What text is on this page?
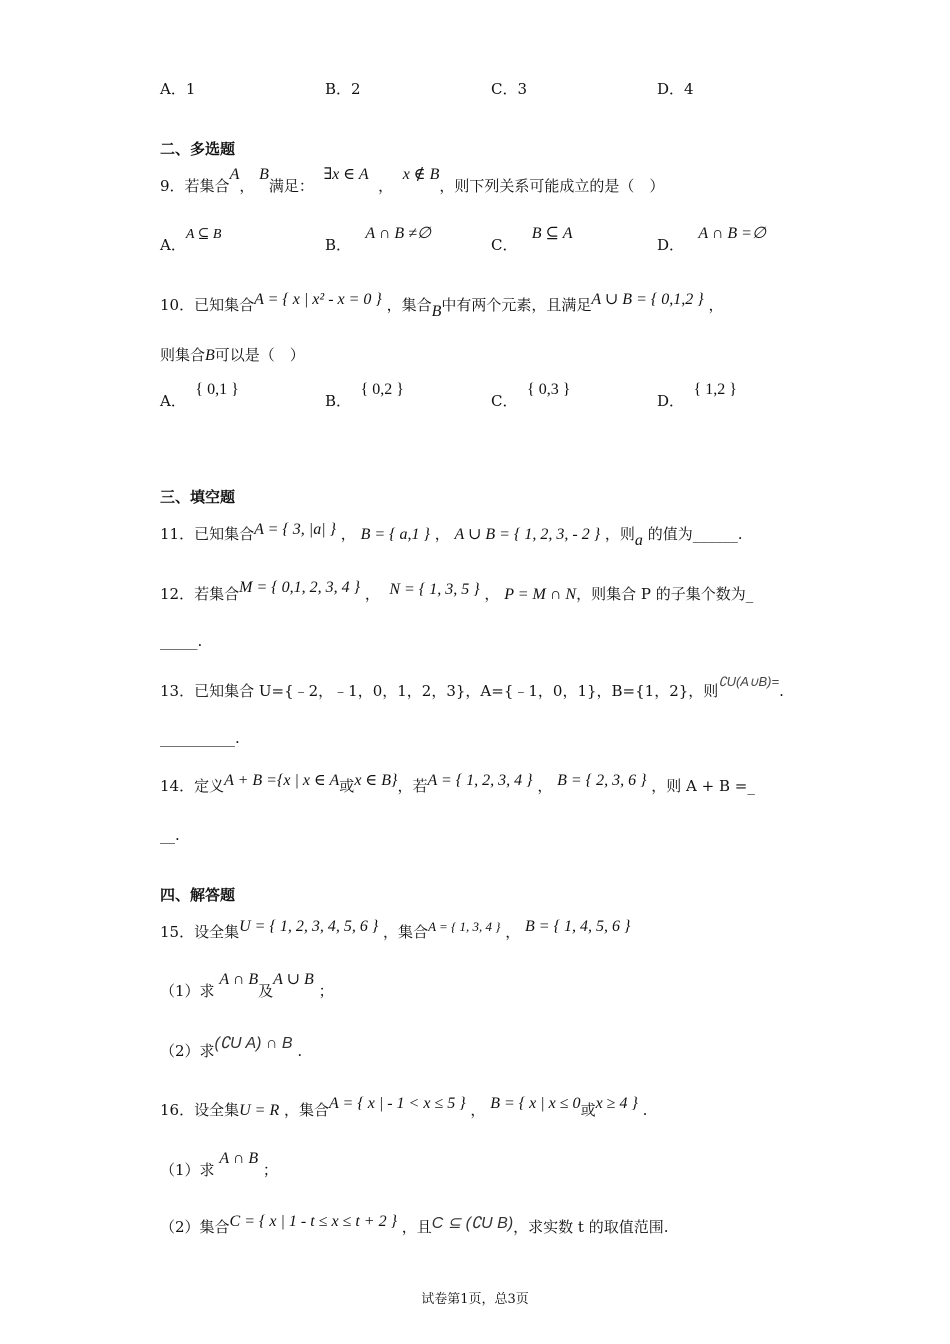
A．1	B．2	C．3	D．4
二、多选题
9．若集合A， B满足：  ∃x ∈ A  ，  x ∉ B，则下列关系可能成立的是（　）
A．A ⊆ B
B．   A ∩ B ≠∅
C．   B ⊆ A
D．   A ∩ B =∅
10．已知集合A = { x | x² - x = 0 } ，集合B中有两个元素，且满足A ∪ B = { 0,1,2 } ，
则集合B可以是（　）
A．  { 0,1 }
B．  { 0,2 }
C．  { 0,3 }
D．  { 1,2 }
三、填空题
11．已知集合A = { 3, |a| } ， B = { a,1 } ， A ∪ B = { 1, 2, 3, - 2 } ，则a 的值为______.
12．若集合M = { 0,1, 2, 3, 4 } ， N = { 1, 3, 5 } ， P = M ∩ N，则集合 P 的子集个数为_
_____.
13．已知集合 U={﹣2，﹣1，0，1，2，3}，A={﹣1，0，1}，B={1，2}，则∁U(A∪B)=.
__________.
14．定义A + B ={x | x ∈ A或x ∈ B}，若A = { 1, 2, 3, 4 } ， B = { 2, 3, 6 } ，则 A + B =_
__.
四、解答题
15．设全集U = { 1, 2, 3, 4, 5, 6 } ，集合A = { 1, 3, 4 } ， B = { 1, 4, 5, 6 }
（1）求 A ∩ B及A ∪ B ；
（2）求(∁U A) ∩ B .
16．设全集U = R ，集合A = { x | - 1 < x ≤ 5 } ， B = { x | x ≤ 0或x ≥ 4 } .
（1）求 A ∩ B ；
（2）集合C = { x | 1 - t ≤ x ≤ t + 2 } ，且C ⊆ (∁U B)，求实数 t 的取值范围.
试卷第1页，总3页
